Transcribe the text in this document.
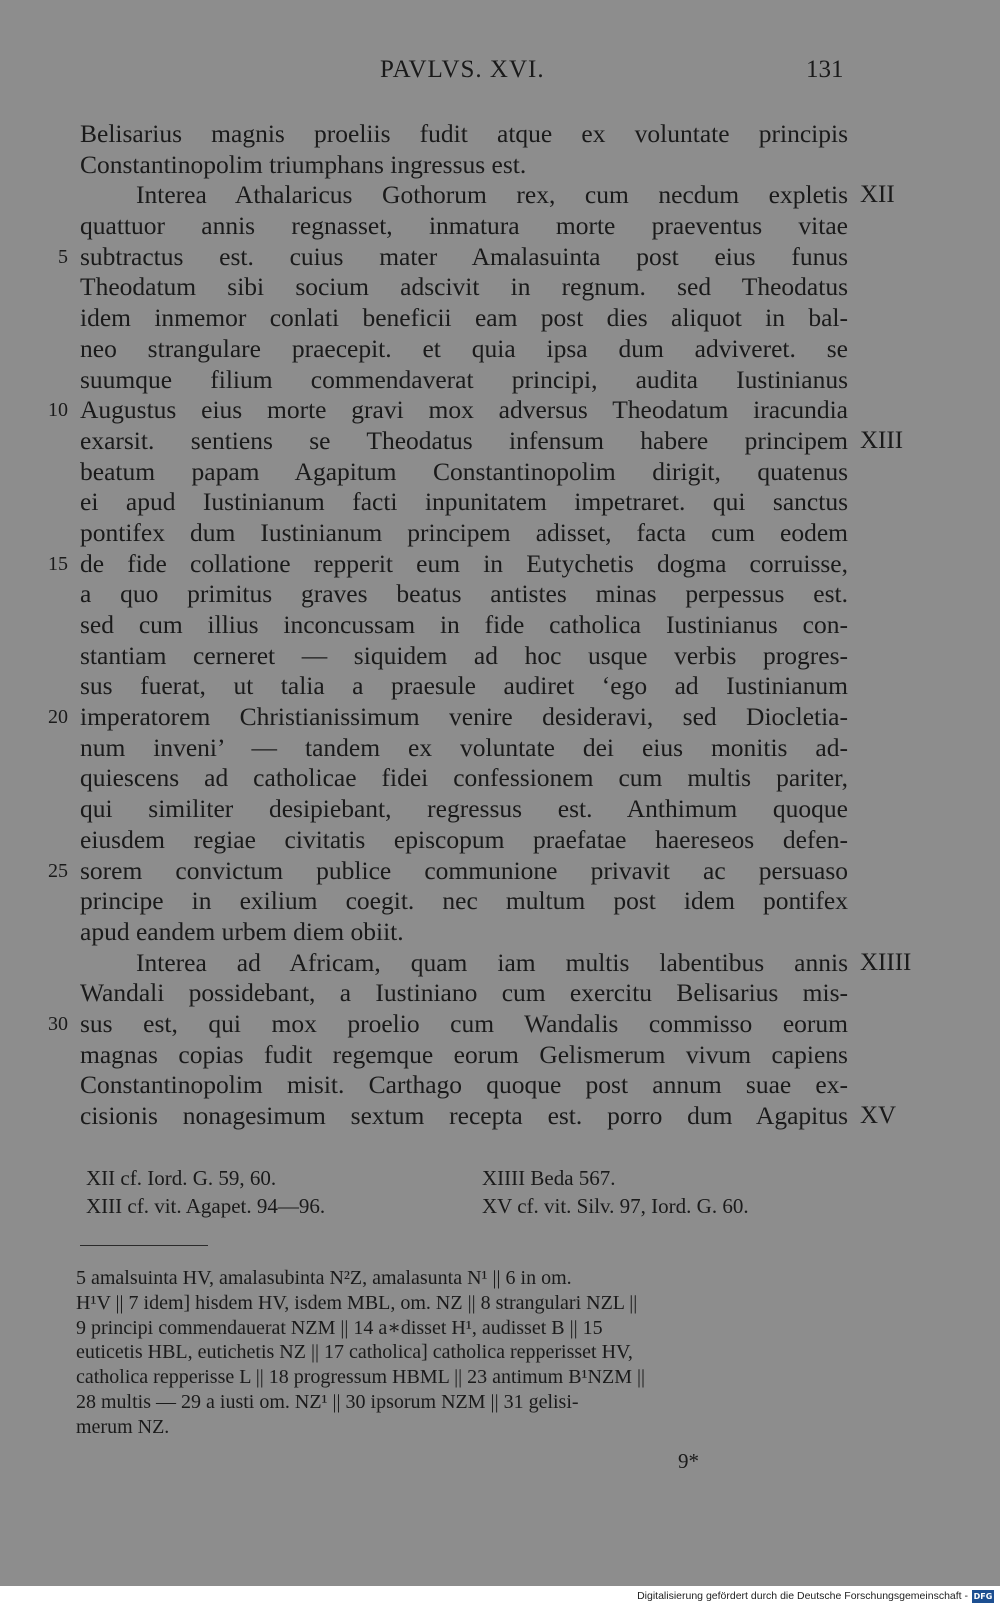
PAVLVS. XVI.	131
Belisarius magnis proeliis fudit atque ex voluntate principis
Constantinopolim triumphans ingressus est.
Interea Athalaricus Gothorum rex, cum necdum expletis XII
quattuor annis regnasset, inmatura morte praeventus vitae
5 subtractus est. cuius mater Amalasuinta post eius funus
Theodatum sibi socium adscivit in regnum. sed Theodatus
idem inmemor conlati beneficii eam post dies aliquot in bal-
neo strangulare praecepit. et quia ipsa dum adviveret. se
suumque filium commendaverat principi, audita Iustinianus
10 Augustus eius morte gravi mox adversus Theodatum iracundia
exarsit. sentiens se Theodatus infensum habere principem XIII
beatum papam Agapitum Constantinopolim dirigit, quatenus
ei apud Iustinianum facti inpunitatem impetraret. qui sanctus
pontifex dum Iustinianum principem adisset, facta cum eodem
15 de fide collatione repperit eum in Eutychetis dogma corruisse,
a quo primitus graves beatus antistes minas perpessus est.
sed cum illius inconcussam in fide catholica Iustinianus con-
stantiam cerneret — siquidem ad hoc usque verbis progres-
sus fuerat, ut talia a praesule audiret ‘ego ad Iustinianum
20 imperatorem Christianissimum venire desideravi, sed Diocletia-
num inveni’ — tandem ex voluntate dei eius monitis ad-
quiescens ad catholicae fidei confessionem cum multis pariter,
qui similiter desipiebant, regressus est. Anthimum quoque
eiusdem regiae civitatis episcopum praefatae haereseos defen-
25 sorem convictum publice communione privavit ac persuaso
principe in exilium coegit. nec multum post idem pontifex
apud eandem urbem diem obiit.
Interea ad Africam, quam iam multis labentibus annis XIIII
Wandali possidebant, a Iustiniano cum exercitu Belisarius mis-
30 sus est, qui mox proelio cum Wandalis commisso eorum
magnas copias fudit regemque eorum Gelismerum vivum capiens
Constantinopolim misit. Carthago quoque post annum suae ex-
cisionis nonagesimum sextum recepta est. porro dum Agapitus XV
XII cf. Iord. G. 59, 60.	XIIII Beda 567.
XIII cf. vit. Agapet. 94—96.	XV cf. vit. Silv. 97, Iord. G. 60.
5 amalsuinta HV, amalasubinta N²Z, amalasunta N¹ || 6 in om.
H¹V || 7 idem] hisdem HV, isdem MBL, om. NZ || 8 strangulari NZL ||
9 principi commendauerat NZM || 14 a∗disset H¹, audisset B || 15
euticetis HBL, eutichetis NZ || 17 catholica] catholica repperisset HV,
catholica repperisse L || 18 progressum HBML || 23 antimum B¹NZM ||
28 multis — 29 a iusti om. NZ¹ || 30 ipsorum NZM || 31 gelisi-
merum NZ.
9*
Digitalisierung gefördert durch die Deutsche Forschungsgemeinschaft - DFG
